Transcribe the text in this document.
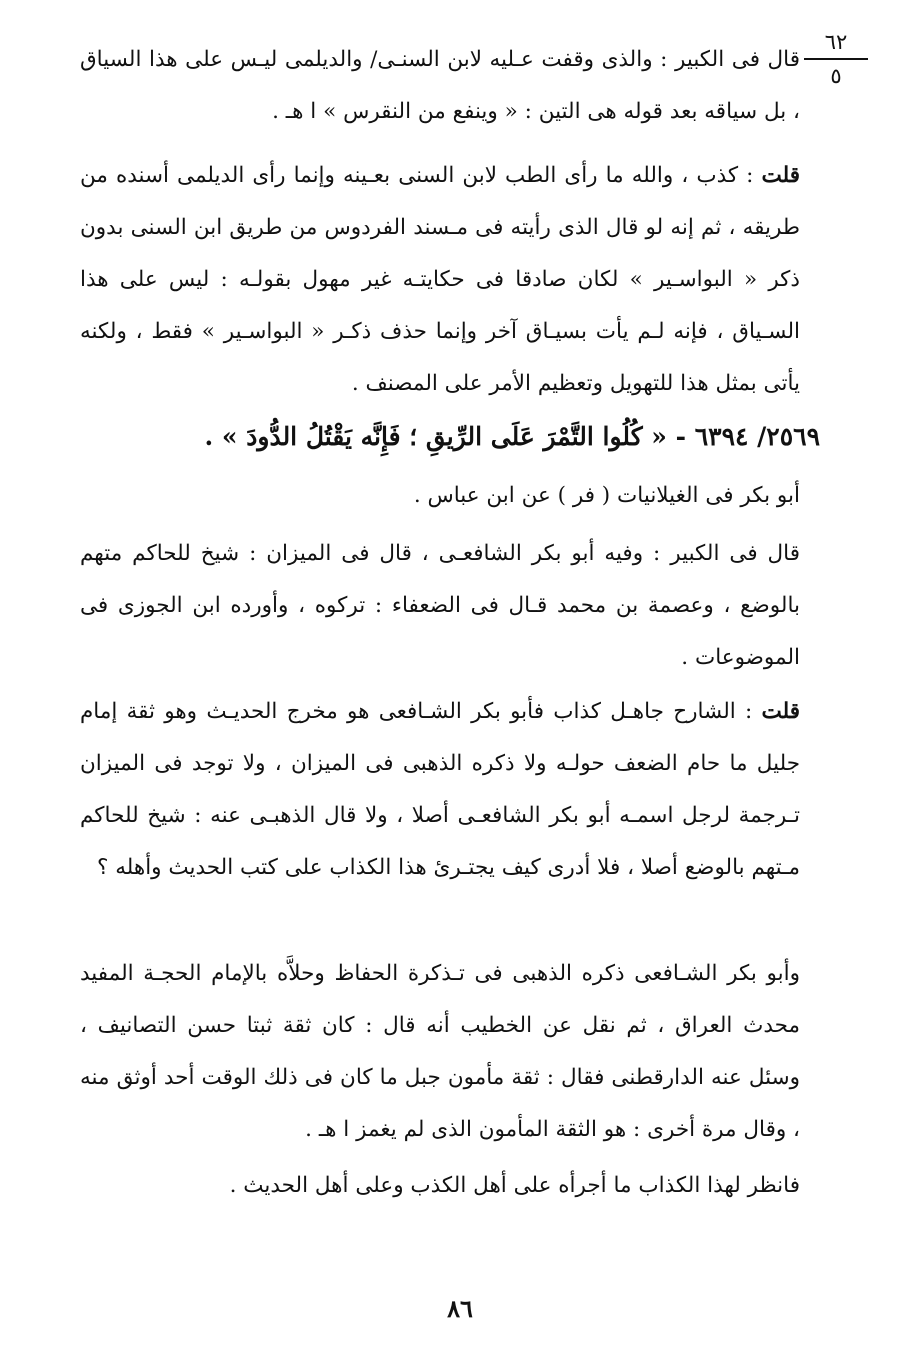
٦٢
٥

قال فى الكبير : والذى وقفت عـليه لابن السنـى/ والديلمى ليـس على هذا السياق ، بل سياقه بعد قوله هى التين : « وينفع من النقرس » ا هـ .

قلت : كذب ، والله ما رأى الطب لابن السنى بعـينه وإنما رأى الديلمى أسنده من طريقه ، ثم إنه لو قال الذى رأيته فى مـسند الفردوس من طريق ابن السنى بدون ذكر « البواسـير » لكان صادقا فى حكايتـه غير مهول بقولـه : ليس على هذا السـياق ، فإنه لـم يأت بسيـاق آخر وإنما حذف ذكـر « البواسـير » فقط ، ولكنه يأتى بمثل هذا للتهويل وتعظيم الأمر على المصنف .

٢٥٦٩/ ٦٣٩٤ - « كُلُوا التَّمْرَ عَلَى الرِّيقِ ؛ فَإِنَّه يَقْتُلُ الدُّودَ » .

أبو بكر فى الغيلانيات ( فر ) عن ابن عباس .

قال فى الكبير : وفيه أبو بكر الشافعـى ، قال فى الميزان : شيخ للحاكم متهم بالوضع ، وعصمة بن محمد قـال فى الضعفاء : تركوه ، وأورده ابن الجوزى فى الموضوعات .

قلت : الشارح جاهـل كذاب فأبو بكر الشـافعى هو مخرج الحديـث وهو ثقة إمام جليل ما حام الضعف حولـه ولا ذكره الذهبى فى الميزان ، ولا توجد فى الميزان تـرجمة لرجل اسمـه أبو بكر الشافعـى أصلا ، ولا قال الذهبـى عنه : شيخ للحاكم مـتهم بالوضع أصلا ، فلا أدرى كيف يجتـرئ هذا الكذاب على كتب الحديث وأهله ؟

وأبو بكر الشـافعى ذكره الذهبى فى تـذكرة الحفاظ وحلاَّه بالإمام الحجـة المفيد محدث العراق ، ثم نقل عن الخطيب أنه قال : كان ثقة ثبتا حسن التصانيف ، وسئل عنه الدارقطنى فقال : ثقة مأمون جبل ما كان فى ذلك الوقت أحد أوثق منه ، وقال مرة أخرى : هو الثقة المأمون الذى لم يغمز ا هـ .

فانظر لهذا الكذاب ما أجرأه على أهل الكذب وعلى أهل الحديث .

٨٦
